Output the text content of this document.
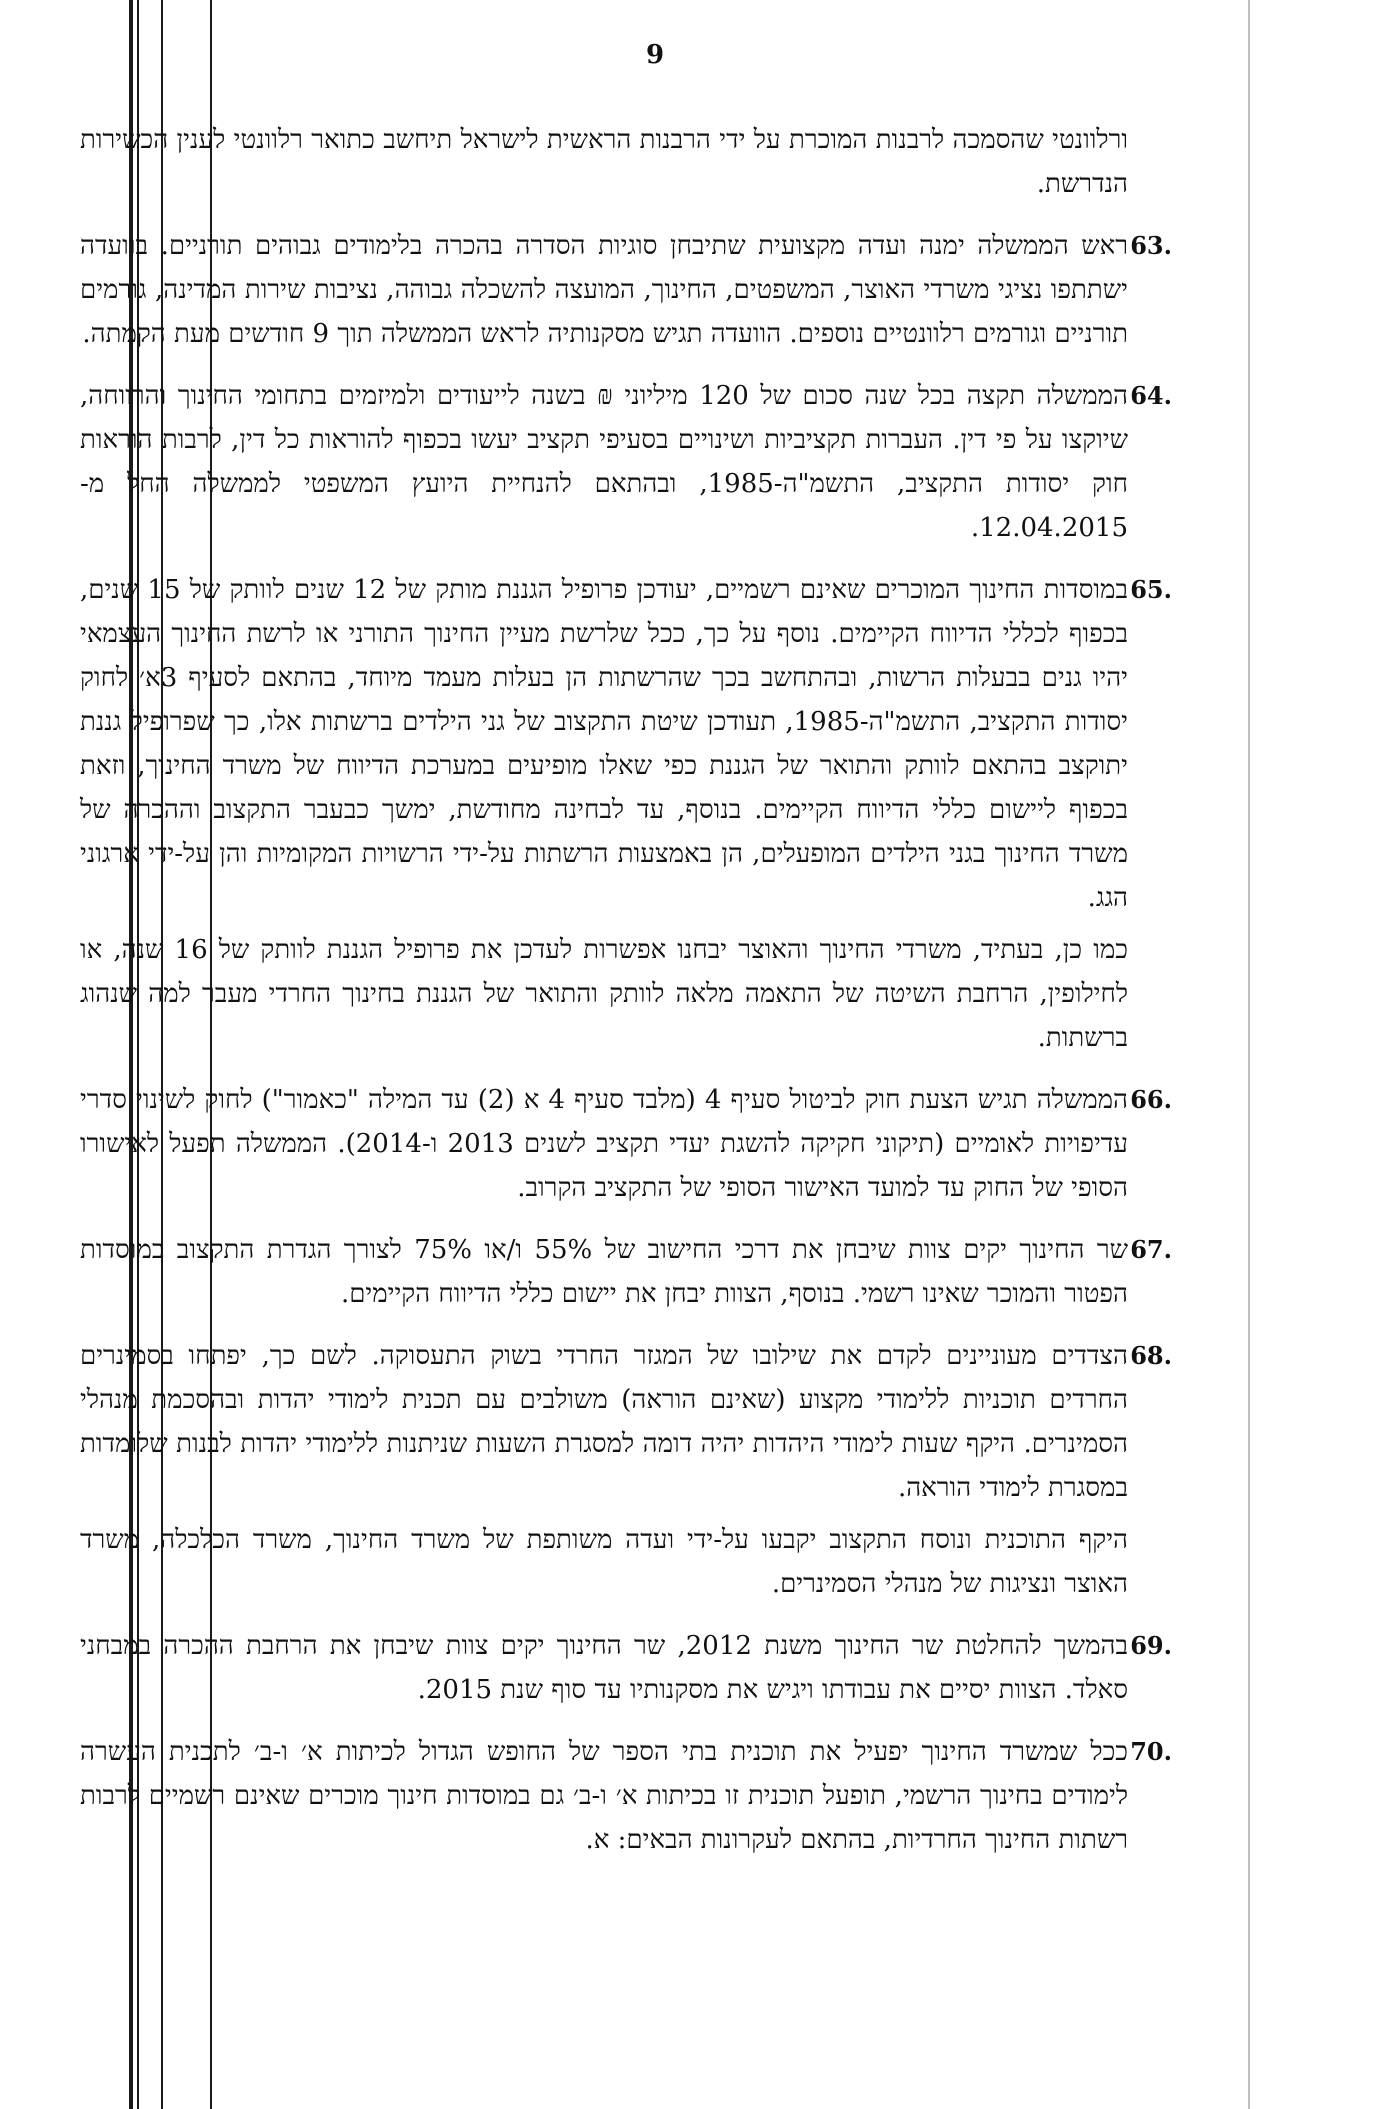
9

ורלוונטי שהסמכה לרבנות המוכרת על ידי הרבנות הראשית לישראל תיחשב כתואר רלוונטי לענין הכשירות הנדרשת.

63.

ראש הממשלה ימנה ועדה מקצועית שתיבחן סוגיות הסדרה בהכרה בלימודים גבוהים תורניים. בוועדה ישתתפו נציגי משרדי האוצר, המשפטים, החינוך, המועצה להשכלה גבוהה, נציבות שירות המדינה, גורמים תורניים וגורמים רלוונטיים נוספים. הוועדה תגיש מסקנותיה לראש הממשלה תוך 9 חודשים מעת הקמתה.

64.

הממשלה תקצה בכל שנה סכום של 120 מיליוני ₪ בשנה לייעודים ולמיזמים בתחומי החינוך והרווחה, שיוקצו על פי דין. העברות תקציביות ושינויים בסעיפי תקציב יעשו בכפוף להוראות כל דין, לרבות הוראות חוק יסודות התקציב, התשמ"ה-1985, ובהתאם להנחיית היועץ המשפטי לממשלה החל מ- 12.04.2015.

65.

במוסדות החינוך המוכרים שאינם רשמיים, יעודכן פרופיל הגננת מותק של 12 שנים לוותק של 15 שנים, בכפוף לכללי הדיווח הקיימים. נוסף על כך, ככל שלרשת מעיין החינוך התורני או לרשת החינוך העצמאי יהיו גנים בבעלות הרשות, ובהתחשב בכך שהרשתות הן בעלות מעמד מיוחד, בהתאם לסעיף 3א׳ לחוק יסודות התקציב, התשמ"ה-1985, תעודכן שיטת התקצוב של גני הילדים ברשתות אלו, כך שפרופיל גננת יתוקצב בהתאם לוותק והתואר של הגננת כפי שאלו מופיעים במערכת הדיווח של משרד החינוך, וזאת בכפוף ליישום כללי הדיווח הקיימים. בנוסף, עד לבחינה מחודשת, ימשך כבעבר התקצוב וההכרה של משרד החינוך בגני הילדים המופעלים, הן באמצעות הרשתות על-ידי הרשויות המקומיות והן על-ידי ארגוני הגג.

כמו כן, בעתיד, משרדי החינוך והאוצר יבחנו אפשרות לעדכן את פרופיל הגננת לוותק של 16 שנה, או לחילופין, הרחבת השיטה של התאמה מלאה לוותק והתואר של הגננת בחינוך החרדי מעבר למה שנהוג ברשתות.

66.

הממשלה תגיש הצעת חוק לביטול סעיף 4 (מלבד סעיף 4 א (2) עד המילה "כאמור") לחוק לשינוי סדרי עדיפויות לאומיים (תיקוני חקיקה להשגת יעדי תקציב לשנים 2013 ו-2014). הממשלה תפעל לאישורו הסופי של החוק עד למועד האישור הסופי של התקציב הקרוב.

67.

שר החינוך יקים צוות שיבחן את דרכי החישוב של 55% ו/או 75% לצורך הגדרת התקצוב במוסדות הפטור והמוכר שאינו רשמי. בנוסף, הצוות יבחן את יישום כללי הדיווח הקיימים.

68.

הצדדים מעוניינים לקדם את שילובו של המגזר החרדי בשוק התעסוקה. לשם כך, יפתחו בסמינרים החרדים תוכניות ללימודי מקצוע (שאינם הוראה) משולבים עם תכנית לימודי יהדות ובהסכמת מנהלי הסמינרים. היקף שעות לימודי היהדות יהיה דומה למסגרת השעות שניתנות ללימודי יהדות לבנות שלומדות במסגרת לימודי הוראה.

היקף התוכנית ונוסח התקצוב יקבעו על-ידי ועדה משותפת של משרד החינוך, משרד הכלכלה, משרד האוצר ונציגות של מנהלי הסמינרים.

69.

בהמשך להחלטת שר החינוך משנת 2012, שר החינוך יקים צוות שיבחן את הרחבת ההכרה במבחני סאלד. הצוות יסיים את עבודתו ויגיש את מסקנותיו עד סוף שנת 2015.

70.

ככל שמשרד החינוך יפעיל את תוכנית בתי הספר של החופש הגדול לכיתות א׳ ו-ב׳ לתכנית העשרה לימודים בחינוך הרשמי, תופעל תוכנית זו בכיתות א׳ ו-ב׳ גם במוסדות חינוך מוכרים שאינם רשמיים לרבות רשתות החינוך החרדיות, בהתאם לעקרונות הבאים: א.
